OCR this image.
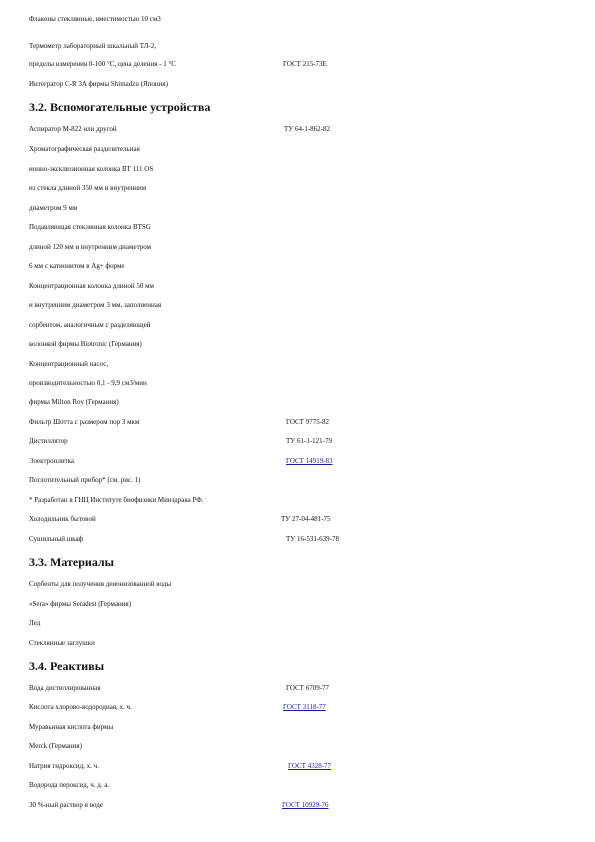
Флаконы стеклянные, вместимостью 10 см3
Термометр лабораторный шкальный ТЛ-2,
пределы измерения 0-100 °С, цена деления - 1 °С	ГОСТ 215-73Е
Интегратор С-R 3A фирмы Shimadzu (Япония)
3.2. Вспомогательные устройства
Аспиратор М-822 или другой	ТУ 64-1-862-82
Хроматографическая разделительная
ионно-эксклюзионная колонка ВТ 111 OS
из стекла длиной 350 мм и внутренним
диаметром 9 мм
Подавляющая стеклянная колонка BTSG
длиной 120 мм и внутренним диаметром
6 мм с катионитом в Ag+ форме
Концентрационная колонка длиной 50 мм
и внутренним диаметром 3 мм, заполненная
сорбентом, аналогичным с разделяющей
колонкой фирмы Biotronic (Германия)
Концентрационный насос,
производительностью 0,1 - 9,9 см3/мин
фирмы Milton Roy (Германия)
Фильтр Шотта с размером пор 3 мкм	ГОСТ 9775-82
Дистиллятор	ТУ 61-1-121-79
Электроплитка	ГОСТ 14919-83
Поглотительный прибор* (см. рис. 1)
* Разработан в ГНЦ Институте биофизики Минздрава РФ.
Холодильник бытовой	ТУ 27-04-481-75
Сушильный шкаф	ТУ 16-531-639-78
3.3. Материалы
Сорбенты для получения деионизованной воды
«Sera» фирмы Seradest (Германия)
Лед
Стеклянные заглушки
3.4. Реактивы
Вода дистиллированная	ГОСТ 6709-77
Кислота хлорово-водородная, х. ч.	ГОСТ 3118-77
Муравьиная кислота фирмы
Merck (Германия)
Натрия гидроксид, х. ч.	ГОСТ 4328-77
Водорода пероксид, ч. д. а.
30 %-ный раствор в воде	ГОСТ 10929-76
